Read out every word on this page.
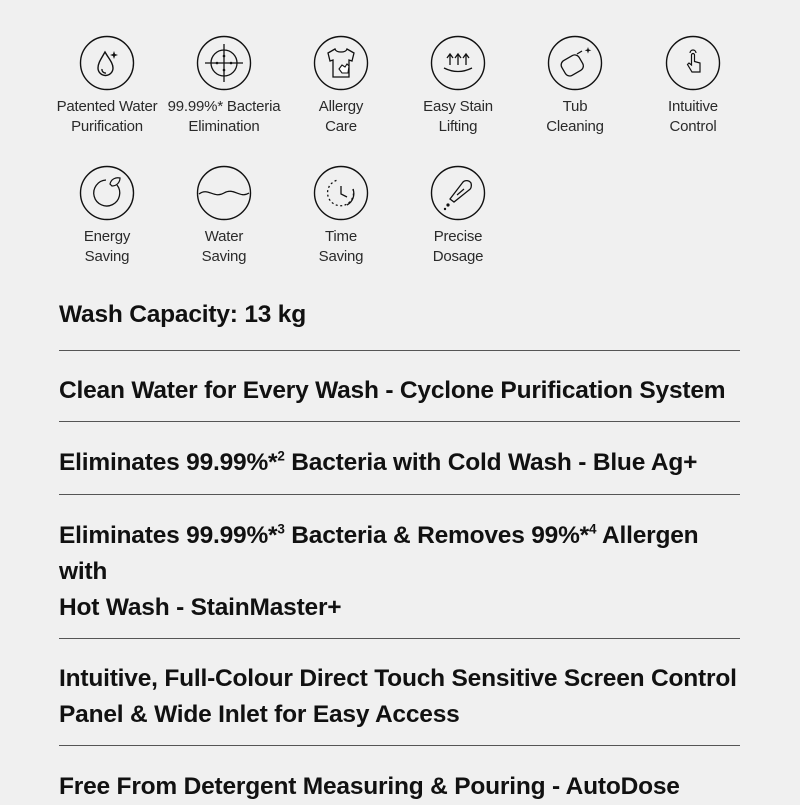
Patented Water
Purification
99.99%* Bacteria
Elimination
Allergy
Care
Easy Stain
Lifting
Tub
Cleaning
Intuitive
Control
Energy
Saving
Water
Saving
Time
Saving
Precise
Dosage
Wash Capacity: 13 kg
Clean Water for Every Wash - Cyclone Purification System
Eliminates 99.99%*$^2$ Bacteria with Cold Wash - Blue Ag+
Eliminates 99.99%*$^3$ Bacteria & Removes 99%*$^4$ Allergen with
Hot Wash - StainMaster+
Intuitive, Full-Colour Direct Touch Sensitive Screen Control
Panel & Wide Inlet for Easy Access
Free From Detergent Measuring & Pouring - AutoDose
